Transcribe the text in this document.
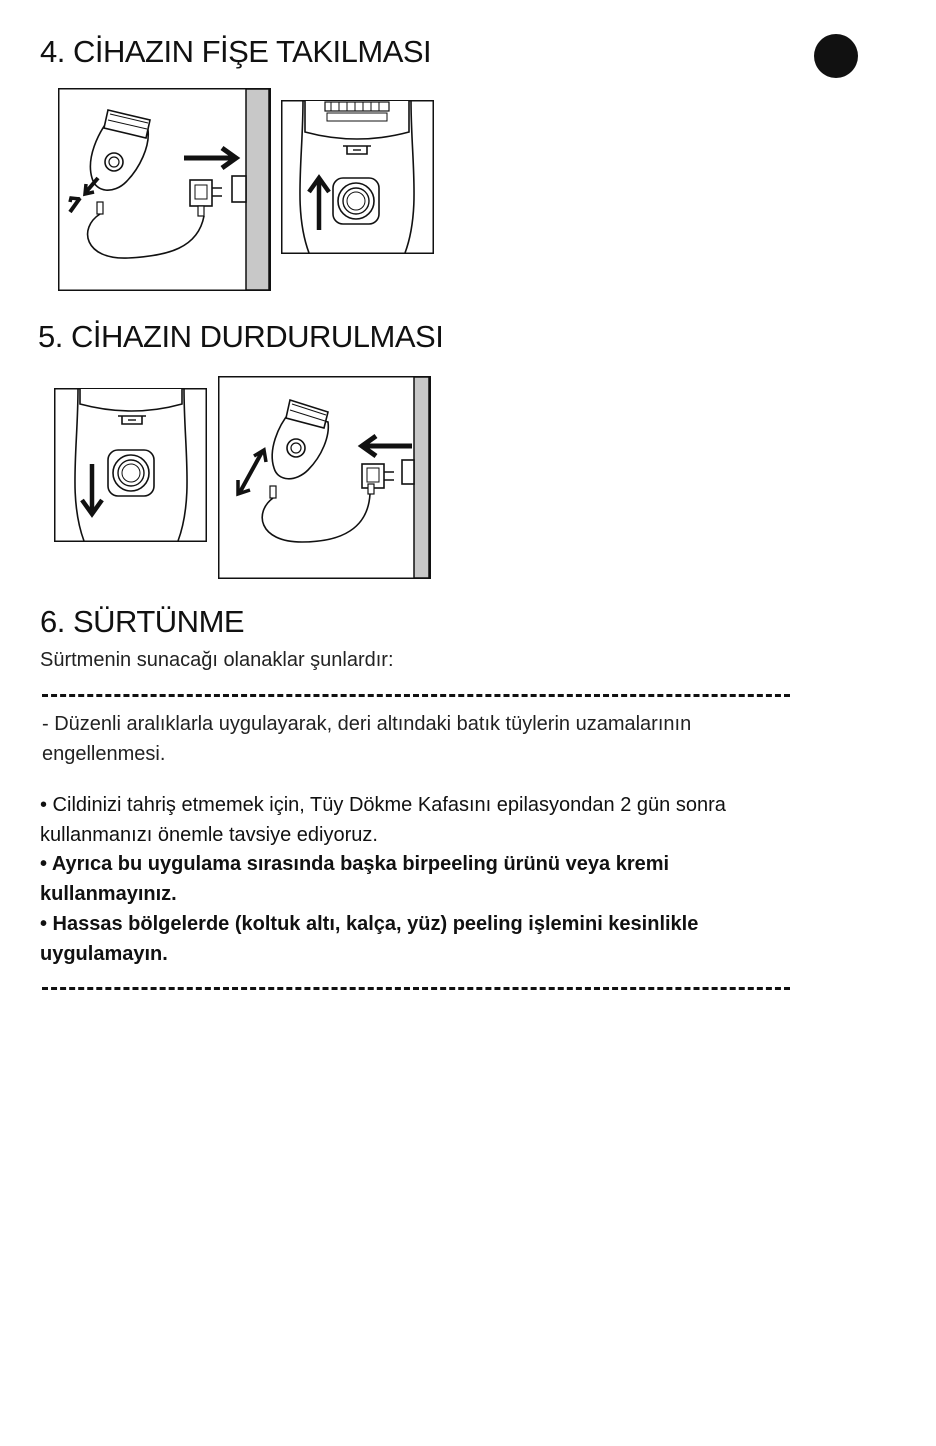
4. CİHAZIN FİŞE TAKILMASI
5. CİHAZIN DURDURULMASI
6. SÜRTÜNME
Sürtmenin sunacağı olanaklar şunlardır:
- Düzenli aralıklarla uygulayarak, deri altındaki batık tüylerin uzamalarının engellenmesi.
• Cildinizi tahriş etmemek için, Tüy Dökme Kafasını epilasyondan 2 gün sonra kullanmanızı önemle tavsiye ediyoruz.
• Ayrıca bu uygulama sırasında başka birpeeling ürünü veya kremi kullanmayınız.
• Hassas bölgelerde (koltuk altı, kalça, yüz) peeling işlemini kesinlikle uygulamayın.
